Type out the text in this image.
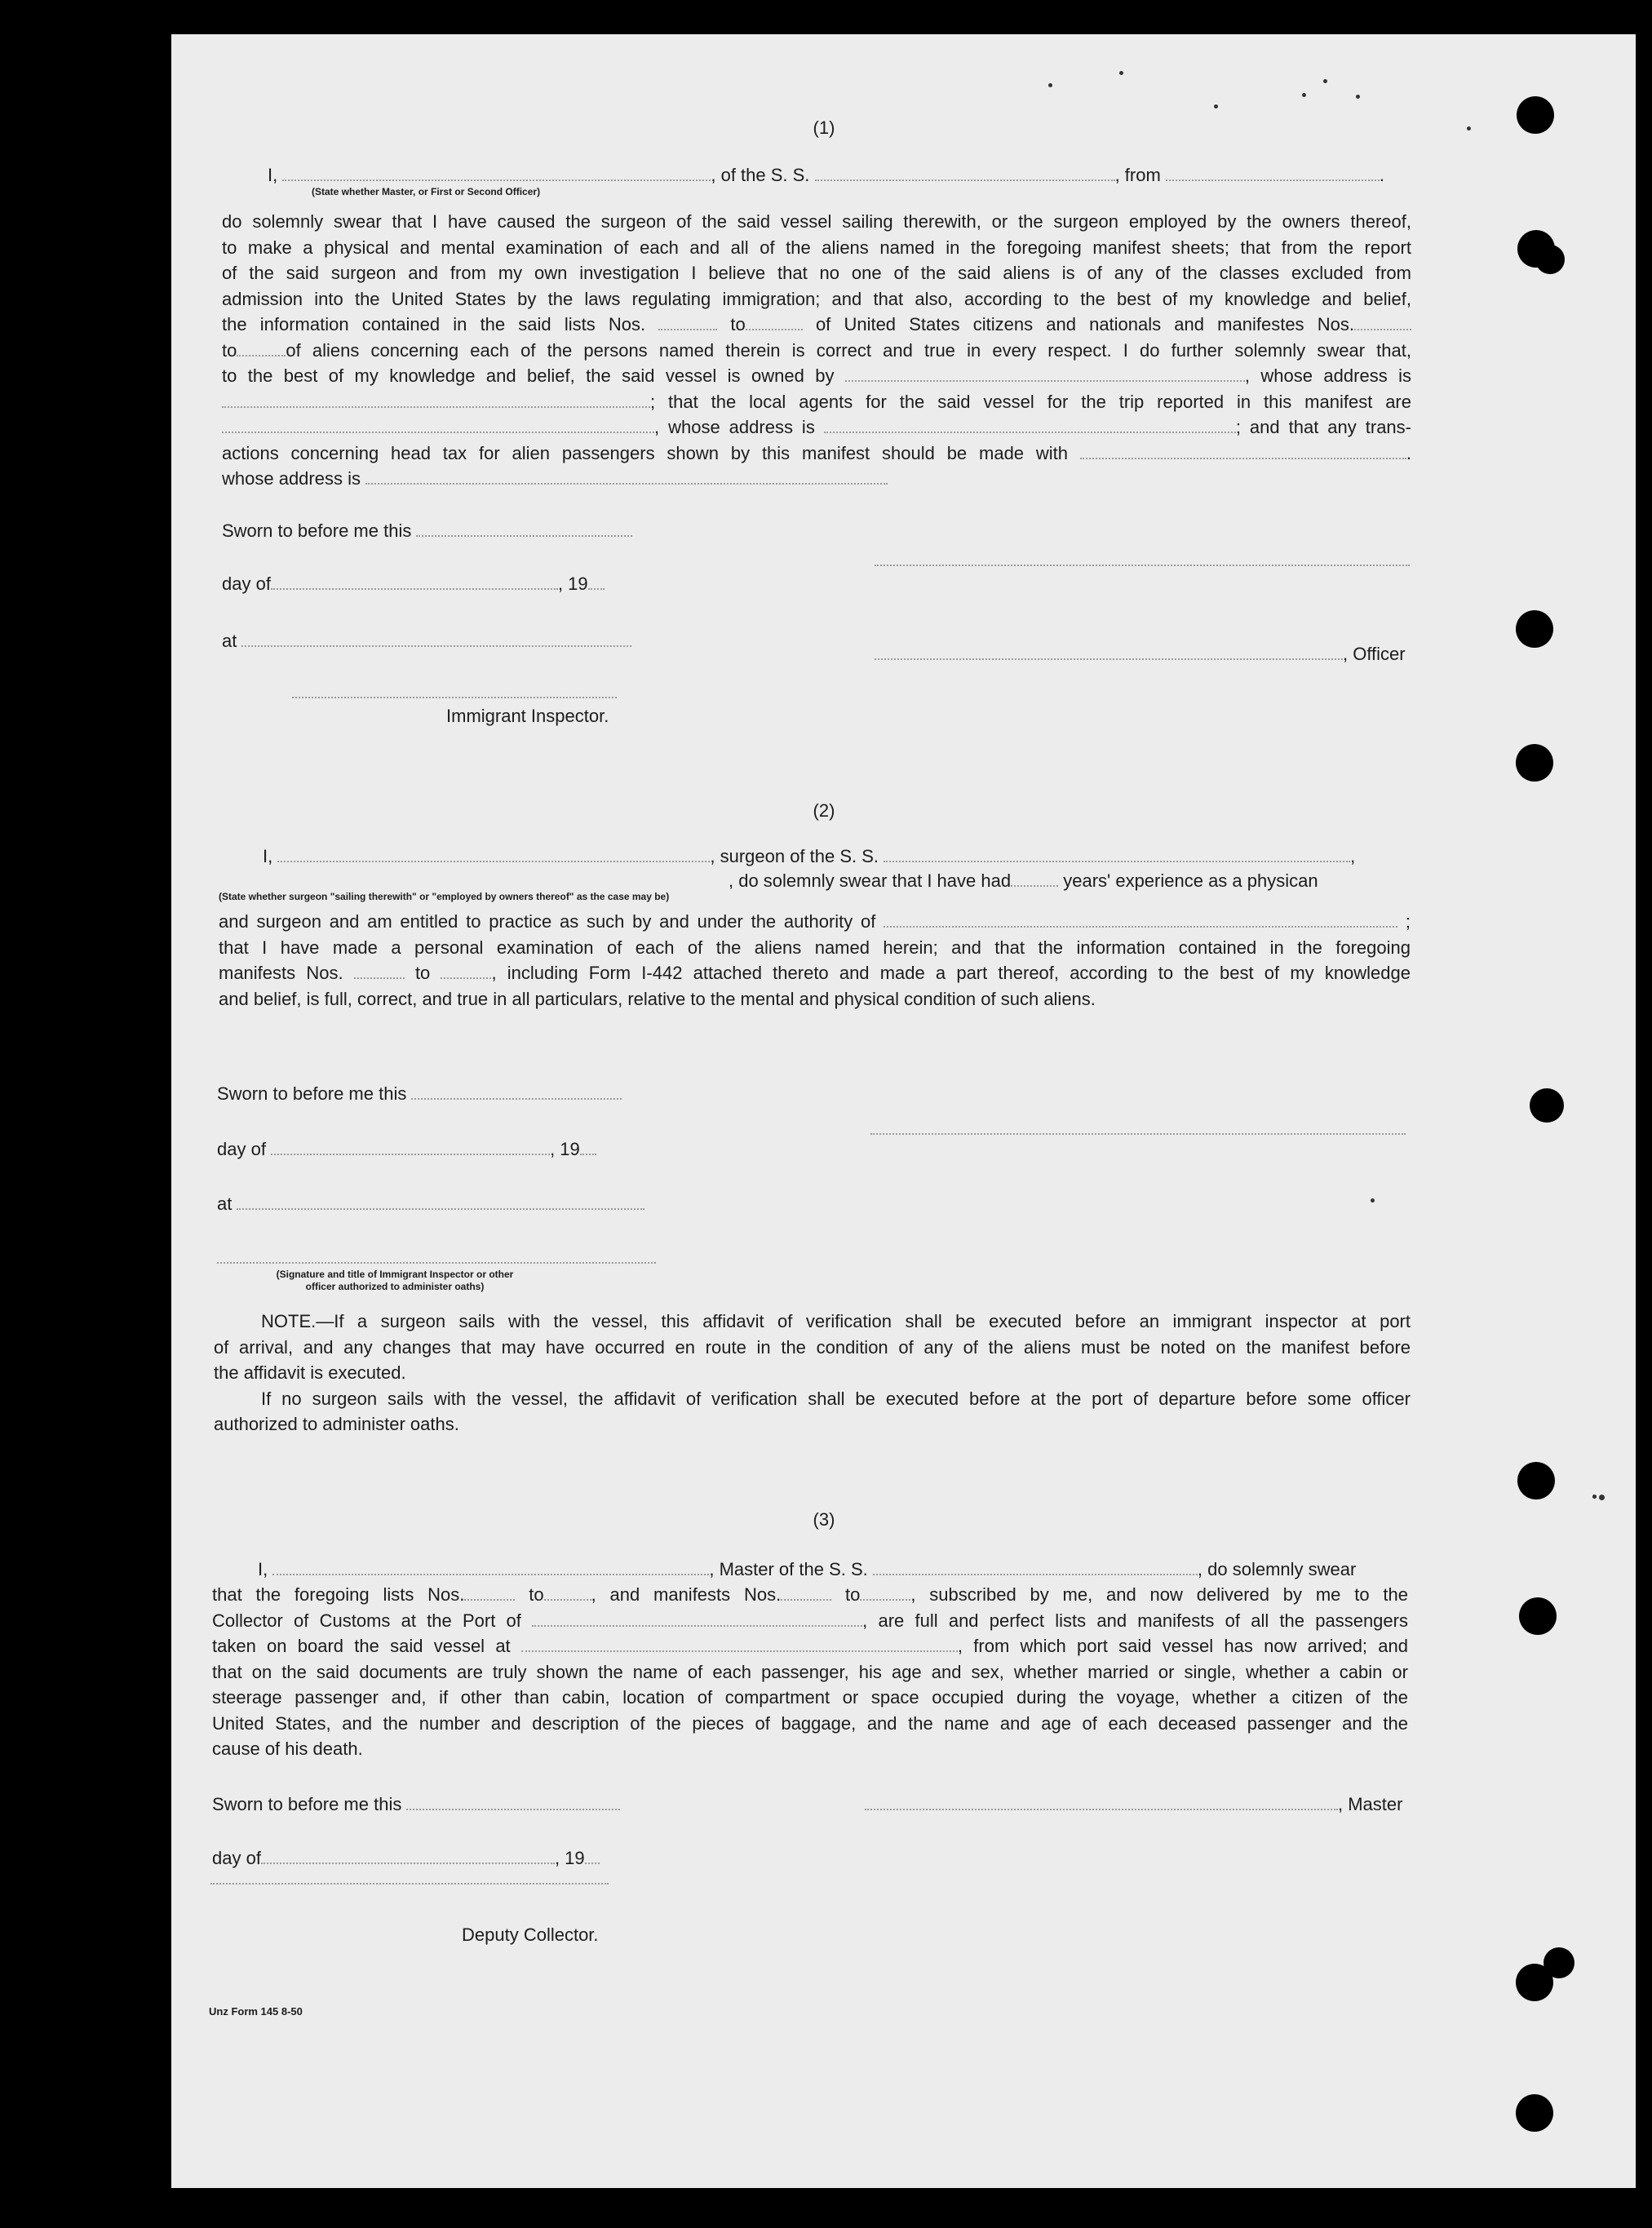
(1)
I,	, of the S. S.	, from	.
(State whether Master, or First or Second Officer)
do solemnly swear that I have caused the surgeon of the said vessel sailing therewith, or the surgeon employed by the owners thereof,
to make a physical and mental examination of each and all of the aliens named in the foregoing manifest sheets; that from the report
of the said surgeon and from my own investigation I believe that no one of the said aliens is of any of the classes excluded from
admission into the United States by the laws regulating immigration; and that also, according to the best of my knowledge and belief,
the information contained in the said lists Nos.	to	of United States citizens and nationals and manifestes Nos.
to	of aliens concerning each of the persons named therein is correct and true in every respect. I do further solemnly swear that,
to the best of my knowledge and belief, the said vessel is owned by	, whose address is
; that the local agents for the said vessel for the trip reported in this manifest are
, whose address is	; and that any trans-
actions concerning head tax for alien passengers shown by this manifest should be made with	.
whose address is
Sworn to before me this
day of	, 19
at
, Officer
Immigrant Inspector.
(2)
I,	, surgeon of the S. S.	,
, do solemnly swear that I have had	years' experience as a physican
(State whether surgeon "sailing therewith" or "employed by owners thereof" as the case may be)
and surgeon and am entitled to practice as such by and under the authority of	;
that I have made a personal examination of each of the aliens named herein; and that the information contained in the foregoing
manifests Nos.	to	, including Form I-442 attached thereto and made a part thereof, according to the best of my knowledge
and belief, is full, correct, and true in all particulars, relative to the mental and physical condition of such aliens.
Sworn to before me this
day of	, 19
at
(Signature and title of Immigrant Inspector or other
officer authorized to administer oaths)
NOTE.—If a surgeon sails with the vessel, this affidavit of verification shall be executed before an immigrant inspector at port
of arrival, and any changes that may have occurred en route in the condition of any of the aliens must be noted on the manifest before
the affidavit is executed.
If no surgeon sails with the vessel, the affidavit of verification shall be executed before at the port of departure before some officer
authorized to administer oaths.
(3)
I,	, Master of the S. S.	, do solemnly swear
that the foregoing lists Nos.	to	, and manifests Nos.	to	, subscribed by me, and now delivered by me to the
Collector of Customs at the Port of	, are full and perfect lists and manifests of all the passengers
taken on board the said vessel at	, from which port said vessel has now arrived; and
that on the said documents are truly shown the name of each passenger, his age and sex, whether married or single, whether a cabin or
steerage passenger and, if other than cabin, location of compartment or space occupied during the voyage, whether a citizen of the
United States, and the number and description of the pieces of baggage, and the name and age of each deceased passenger and the
cause of his death.
Sworn to before me this	, Master
day of	, 19
Deputy Collector.
Unz Form 145 8-50
